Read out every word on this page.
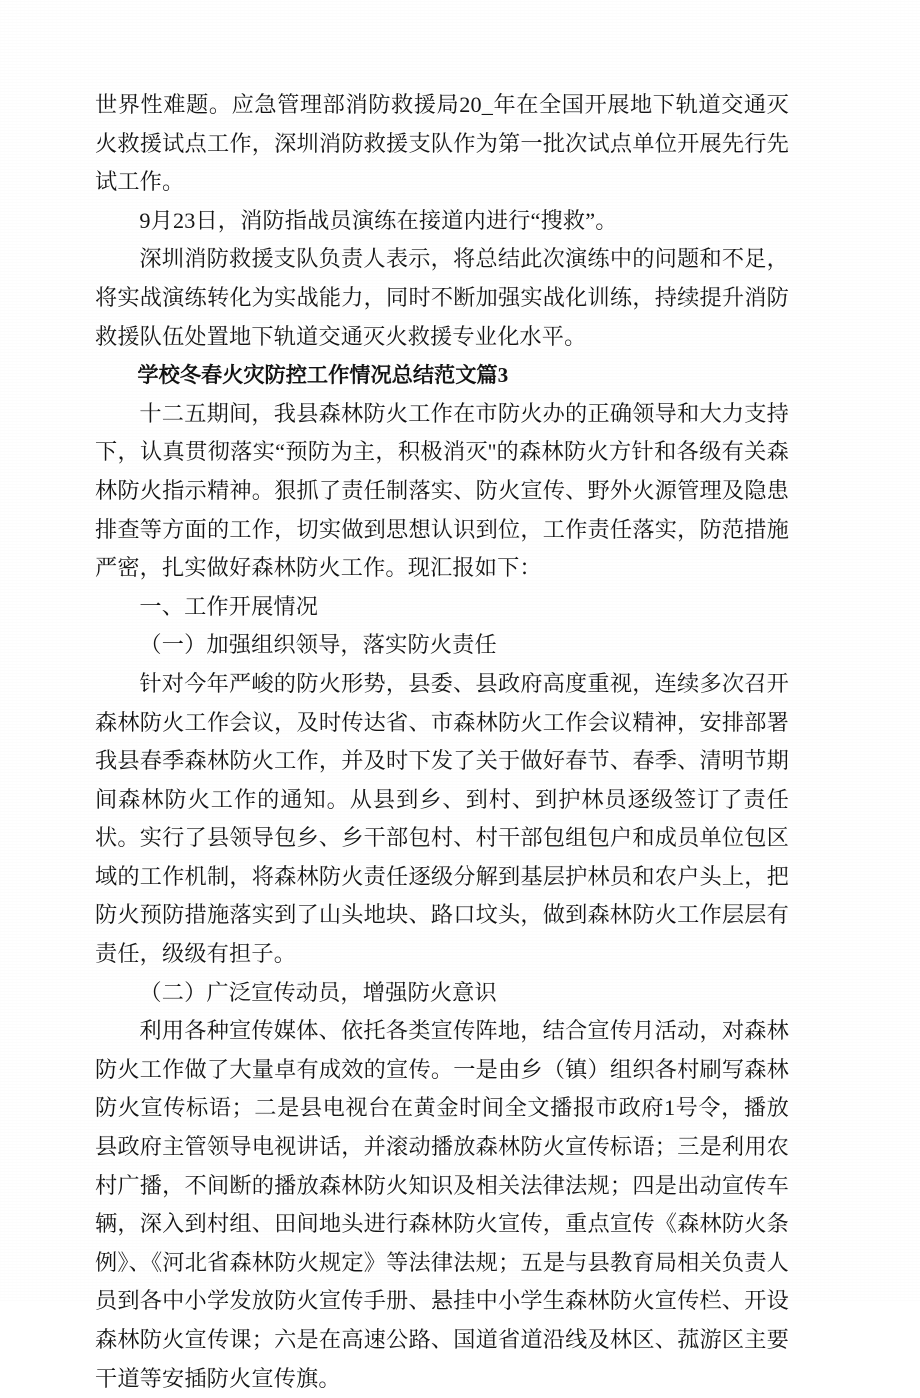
世界性难题。应急管理部消防救援局20_年在全国开展地下轨道交通灭火救援试点工作，深圳消防救援支队作为第一批次试点单位开展先行先试工作。

9月23日，消防指战员演练在接道内进行“搜救”。

深圳消防救援支队负责人表示，将总结此次演练中的问题和不足，将实战演练转化为实战能力，同时不断加强实战化训练，持续提升消防救援队伍处置地下轨道交通灭火救援专业化水平。

学校冬春火灾防控工作情况总结范文篇3

十二五期间，我县森林防火工作在市防火办的正确领导和大力支持下，认真贯彻落实“预防为主，积极消灭''的森林防火方针和各级有关森林防火指示精神。狠抓了责任制落实、防火宣传、野外火源管理及隐患排查等方面的工作，切实做到思想认识到位，工作责任落实，防范措施严密，扎实做好森林防火工作。现汇报如下：

一、工作开展情况

（一）加强组织领导，落实防火责任

针对今年严峻的防火形势，县委、县政府高度重视，连续多次召开森林防火工作会议，及时传达省、市森林防火工作会议精神，安排部署我县春季森林防火工作，并及时下发了关于做好春节、春季、清明节期间森林防火工作的通知。从县到乡、到村、到护林员逐级签订了责任状。实行了县领导包乡、乡干部包村、村干部包组包户和成员单位包区域的工作机制，将森林防火责任逐级分解到基层护林员和农户头上，把防火预防措施落实到了山头地块、路口坟头，做到森林防火工作层层有责任，级级有担子。

（二）广泛宣传动员，增强防火意识

利用各种宣传媒体、依托各类宣传阵地，结合宣传月活动，对森林防火工作做了大量卓有成效的宣传。一是由乡（镇）组织各村刷写森林防火宣传标语；二是县电视台在黄金时间全文播报市政府1号令，播放县政府主管领导电视讲话，并滚动播放森林防火宣传标语；三是利用农村广播，不间断的播放森林防火知识及相关法律法规；四是出动宣传车辆，深入到村组、田间地头进行森林防火宣传，重点宣传《森林防火条例》、《河北省森林防火规定》等法律法规；五是与县教育局相关负责人员到各中小学发放防火宣传手册、悬挂中小学生森林防火宣传栏、开设森林防火宣传课；六是在高速公路、国道省道沿线及林区、菰游区主要干道等安插防火宣传旗。
